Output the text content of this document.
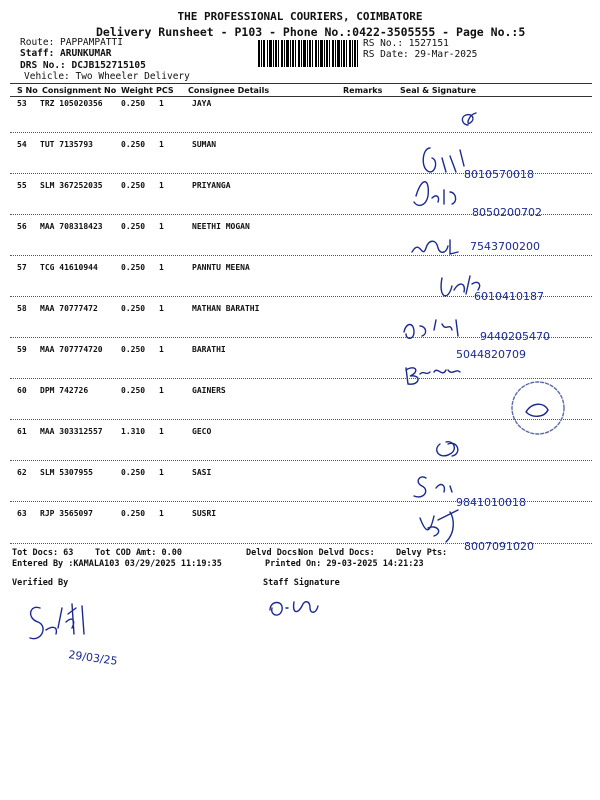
THE PROFESSIONAL COURIERS, COIMBATORE
Delivery Runsheet - P103 - Phone No.:0422-3505555 - Page No.:5
Route: PAPPAMPATTI
Staff: ARUNKUMAR
DRS No.: DCJB152715105
Vehicle: Two Wheeler Delivery
RS No.: 1527151
RS Date: 29-Mar-2025
S No Consignment No Weight PCS Consignee Details	Remarks Seal & Signature
53 TRZ 105020356 0.250 1	JAYA
54 TUT 7135793	0.250 1	SUMAN
55 SLM 367252035 0.250 1	PRIYANGA
56 MAA 708318423 0.250 1	NEETHI MOGAN
57 TCG 41610944	0.250 1	PANNTU MEENA
58 MAA 70777472	0.250 1	MATHAN BARATHI
59 MAA 707774720 0.250 1	BARATHI
60 DPM 742726	0.250 1	GAINERS
61 MAA 303312557 1.310 1	GECO
62 SLM 5307955	0.250 1	SASI
63 RJP 3565097	0.250 1	SUSRI
8010570018
8050200702
7543700200
6010410187
9440205470
5044820709
9841010018
8007091020
Tot Docs: 63	Tot COD Amt: 0.00	Delvd Docs:
Non Delvd Docs: Delvy Pts:
Entered By :KAMALA103 03/29/2025 11:19:35	Printed On: 29-03-2025 14:21:23
Verified By	Staff Signature
29/03/25
